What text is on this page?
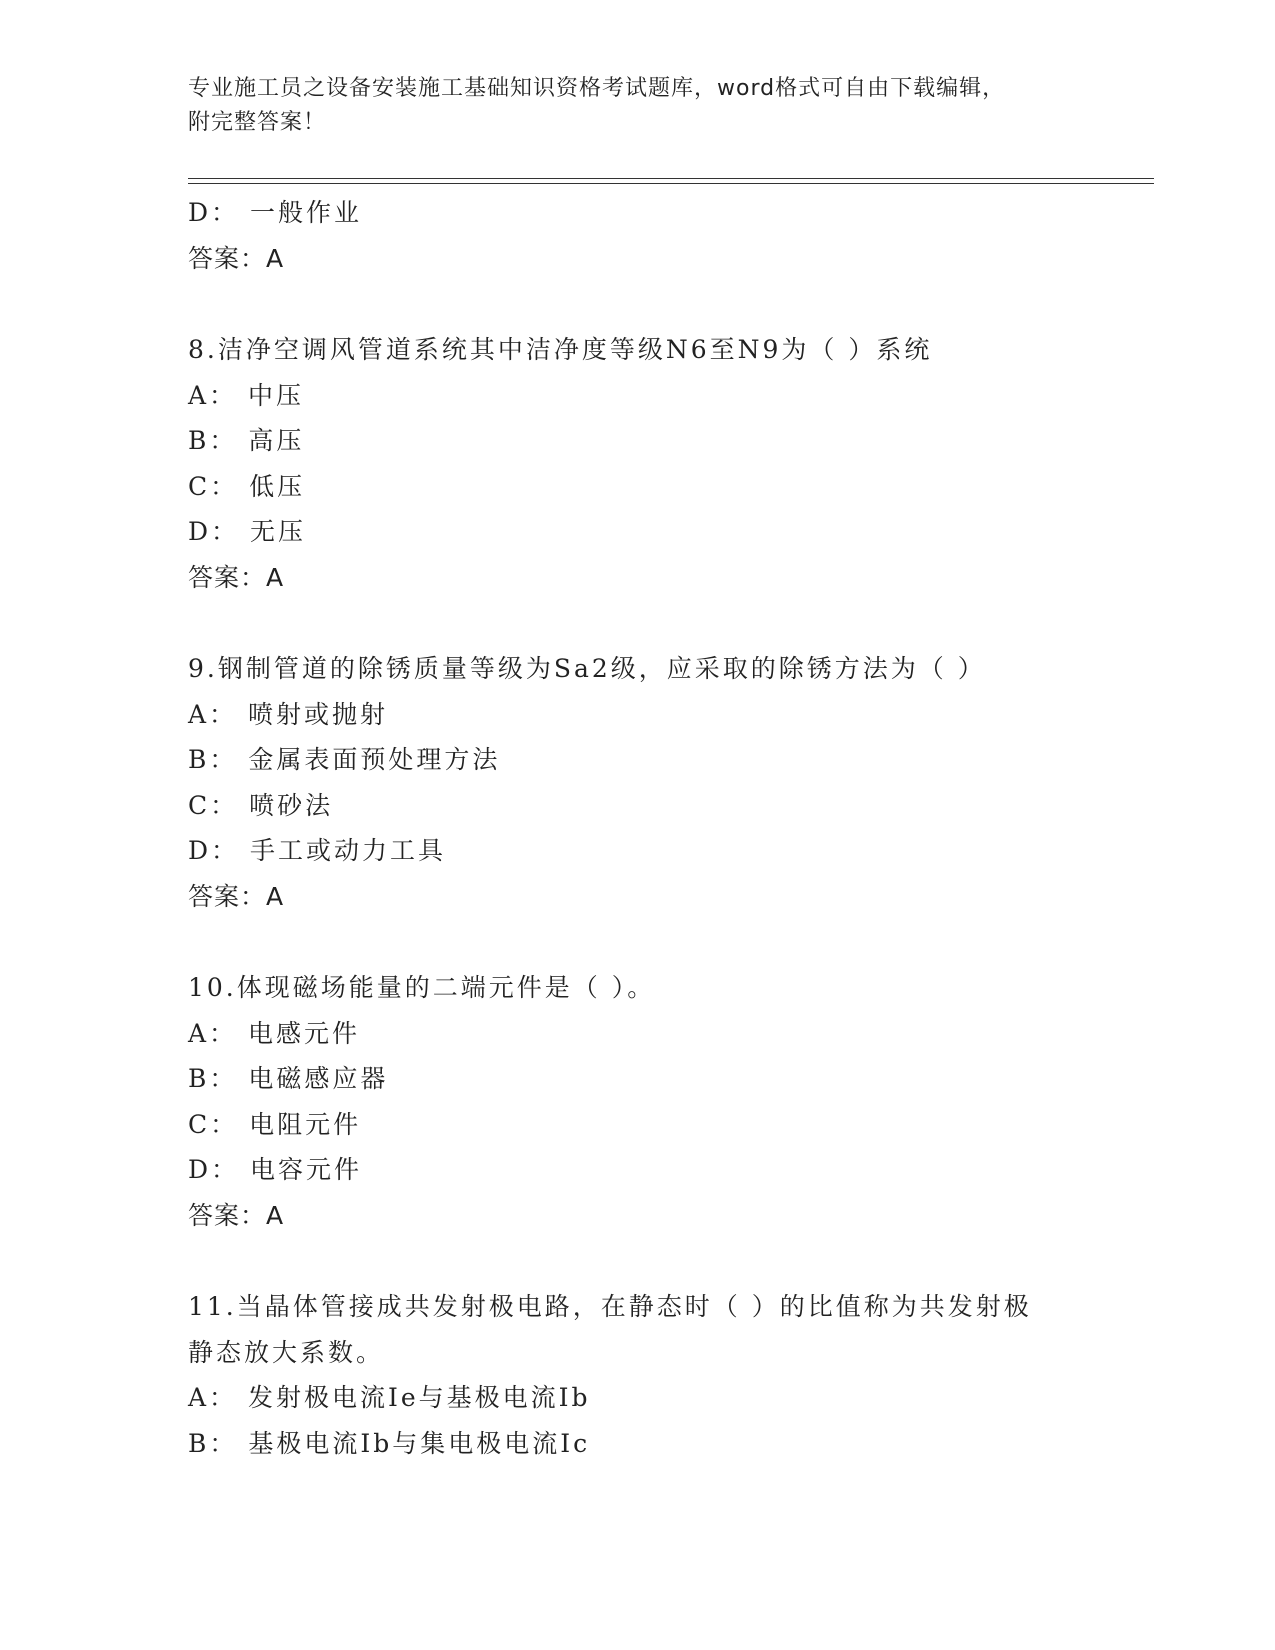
专业施工员之设备安装施工基础知识资格考试题库，word格式可自由下载编辑，
附完整答案！
D： 一般作业
答案：A
8.洁净空调风管道系统其中洁净度等级N6至N9为（ ）系统
A： 中压
B： 高压
C： 低压
D： 无压
答案：A
9.钢制管道的除锈质量等级为Sa2级，应采取的除锈方法为（ ）
A： 喷射或抛射
B： 金属表面预处理方法
C： 喷砂法
D： 手工或动力工具
答案：A
10.体现磁场能量的二端元件是（ ）。
A： 电感元件
B： 电磁感应器
C： 电阻元件
D： 电容元件
答案：A
11.当晶体管接成共发射极电路，在静态时（ ）的比值称为共发射极
静态放大系数。
A： 发射极电流Ie与基极电流Ib
B： 基极电流Ib与集电极电流Ic
